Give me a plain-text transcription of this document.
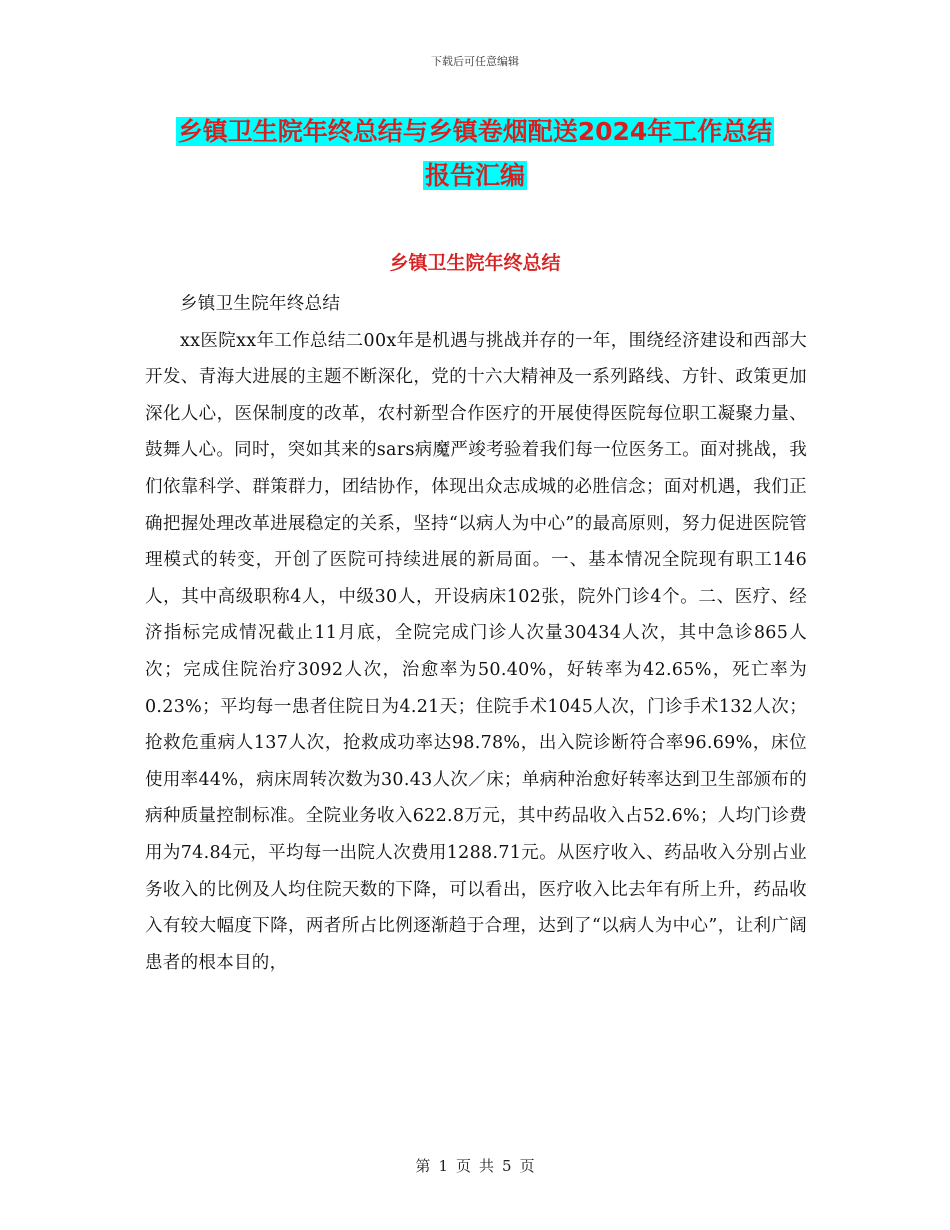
下载后可任意编辑
乡镇卫生院年终总结与乡镇卷烟配送2024年工作总结
报告汇编
乡镇卫生院年终总结

乡镇卫生院年终总结

xx医院xx年工作总结二00x年是机遇与挑战并存的一年，围绕经济建设和西部大开发、青海大进展的主题不断深化，党的十六大精神及一系列路线、方针、政策更加深化人心，医保制度的改革，农村新型合作医疗的开展使得医院每位职工凝聚力量、鼓舞人心。同时，突如其来的sars病魔严竣考验着我们每一位医务工。面对挑战，我们依靠科学、群策群力，团结协作，体现出众志成城的必胜信念；面对机遇，我们正确把握处理改革进展稳定的关系，坚持“以病人为中心”的最高原则，努力促进医院管理模式的转变，开创了医院可持续进展的新局面。一、基本情况全院现有职工146人，其中高级职称4人，中级30人，开设病床102张，院外门诊4个。二、医疗、经济指标完成情况截止11月底，全院完成门诊人次量30434人次，其中急诊865人次；完成住院治疗3092人次，治愈率为50.40%，好转率为42.65%，死亡率为0.23%；平均每一患者住院日为4.21天；住院手术1045人次，门诊手术132人次；抢救危重病人137人次，抢救成功率达98.78%，出入院诊断符合率96.69%，床位使用率44%，病床周转次数为30.43人次／床；单病种治愈好转率达到卫生部颁布的病种质量控制标准。全院业务收入622.8万元，其中药品收入占52.6%；人均门诊费用为74.84元，平均每一出院人次费用1288.71元。从医疗收入、药品收入分别占业务收入的比例及人均住院天数的下降，可以看出，医疗收入比去年有所上升，药品收入有较大幅度下降，两者所占比例逐渐趋于合理，达到了“以病人为中心”，让利广阔患者的根本目的，

第 1 页 共 5 页
